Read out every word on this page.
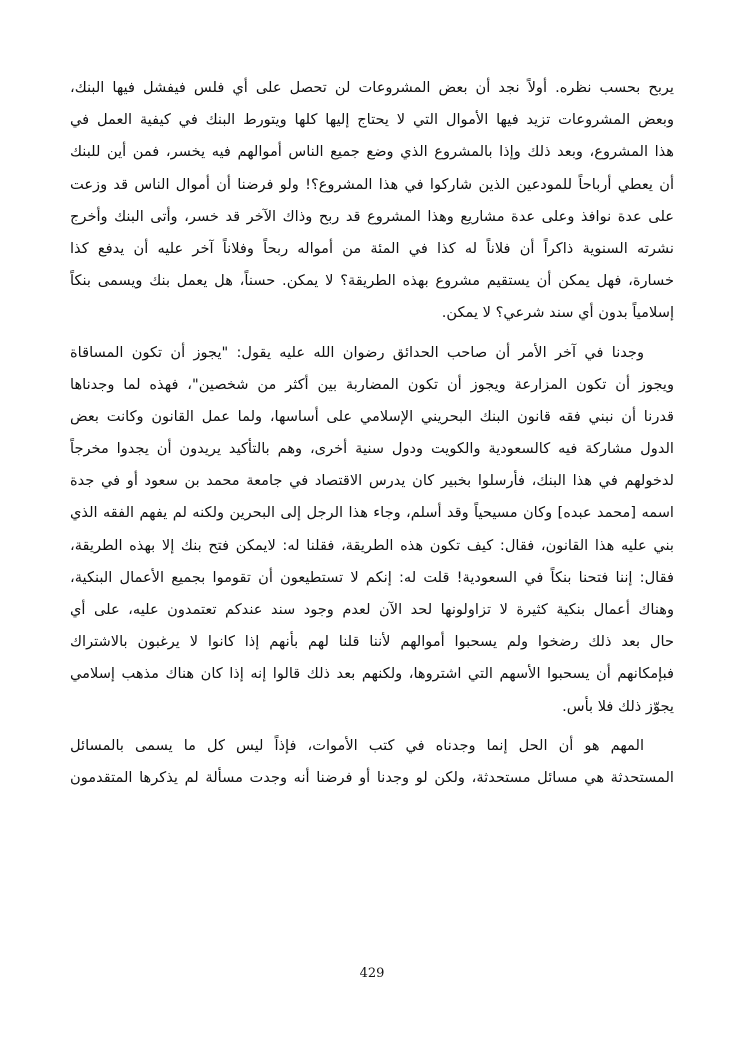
يربح بحسب نظره. أولاً نجد أن بعض المشروعات لن تحصل على أي فلس فيفشل فيها البنك،
وبعض المشروعات تزيد فيها الأموال التي لا يحتاج إليها كلها ويتورط البنك في كيفية العمل في
هذا المشروع، وبعد ذلك وإذا بالمشروع الذي وضع جميع الناس أموالهم فيه يخسر، فمن أين للبنك
أن يعطي أرباحاً للمودعين الذين شاركوا في هذا المشروع؟! ولو فرضنا أن أموال الناس قد وزعت
على عدة نوافذ وعلى عدة مشاريع وهذا المشروع قد ربح وذاك الآخر قد خسر، وأتى البنك وأخرج
نشرته السنوية ذاكراً أن فلاناً له كذا في المئة من أمواله ربحاً وفلاناً آخر عليه أن يدفع كذا
خسارة، فهل يمكن أن يستقيم مشروع بهذه الطريقة؟ لا يمكن. حسناً، هل يعمل بنك ويسمى بنكاً
إسلامياً بدون أي سند شرعي؟ لا يمكن.
وجدنا في آخر الأمر أن صاحب الحدائق رضوان الله عليه يقول: "يجوز أن تكون المساقاة
ويجوز أن تكون المزارعة ويجوز أن تكون المضاربة بين أكثر من شخصين"، فهذه لما وجدناها
قدرنا أن نبني فقه قانون البنك البحريني الإسلامي على أساسها، ولما عمل القانون وكانت بعض
الدول مشاركة فيه كالسعودية والكويت ودول سنية أخرى، وهم بالتأكيد يريدون أن يجدوا مخرجاً
لدخولهم في هذا البنك، فأرسلوا بخبير كان يدرس الاقتصاد في جامعة محمد بن سعود أو في جدة
اسمه [محمد عبده] وكان مسيحياً وقد أسلم، وجاء هذا الرجل إلى البحرين ولكنه لم يفهم الفقه الذي
بني عليه هذا القانون، فقال: كيف تكون هذه الطريقة، فقلنا له: لايمكن فتح بنك إلا بهذه الطريقة،
فقال: إننا فتحنا بنكاً في السعودية! قلت له: إنكم لا تستطيعون أن تقوموا بجميع الأعمال البنكية،
وهناك أعمال بنكية كثيرة لا تزاولونها لحد الآن لعدم وجود سند عندكم تعتمدون عليه، على أي
حال بعد ذلك رضخوا ولم يسحبوا أموالهم لأننا قلنا لهم بأنهم إذا كانوا لا يرغبون بالاشتراك
فبإمكانهم أن يسحبوا الأسهم التي اشتروها، ولكنهم بعد ذلك قالوا إنه إذا كان هناك مذهب إسلامي
يجوّز ذلك فلا بأس.
المهم هو أن الحل إنما وجدناه في كتب الأموات، فإذاً ليس كل ما يسمى بالمسائل
المستحدثة هي مسائل مستحدثة، ولكن لو وجدنا أو فرضنا أنه وجدت مسألة لم يذكرها المتقدمون
429
